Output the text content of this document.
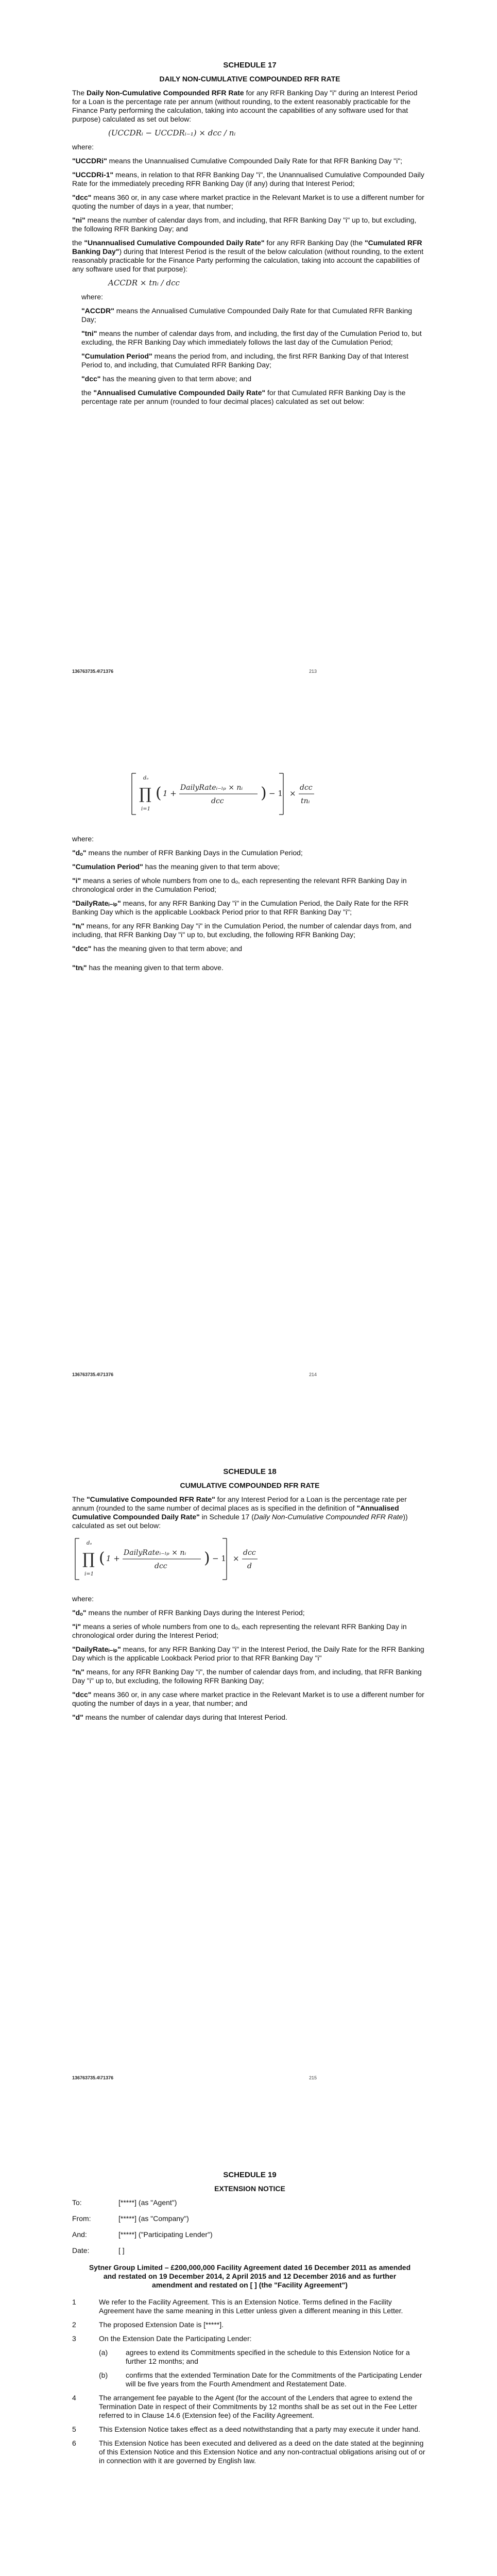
SCHEDULE 17

DAILY NON-CUMULATIVE COMPOUNDED RFR RATE

The Daily Non-Cumulative Compounded RFR Rate for any RFR Banking Day "i" during an Interest Period for a Loan is the percentage rate per annum (without rounding, to the extent reasonably practicable for the Finance Party performing the calculation, taking into account the capabilities of any software used for that purpose) calculated as set out below:

(UCCDRᵢ − UCCDRᵢ₋₁) × dcc / nᵢ

where:

"UCCDRi" means the Unannualised Cumulative Compounded Daily Rate for that RFR Banking Day "i";

"UCCDRi-1" means, in relation to that RFR Banking Day "i", the Unannualised Cumulative Compounded Daily Rate for the immediately preceding RFR Banking Day (if any) during that Interest Period;

"dcc" means 360 or, in any case where market practice in the Relevant Market is to use a different number for quoting the number of days in a year, that number;

"ni" means the number of calendar days from, and including, that RFR Banking Day "i" up to, but excluding, the following RFR Banking Day; and

the "Unannualised Cumulative Compounded Daily Rate" for any RFR Banking Day (the "Cumulated RFR Banking Day") during that Interest Period is the result of the below calculation (without rounding, to the extent reasonably practicable for the Finance Party performing the calculation, taking into account the capabilities of any software used for that purpose):

ACCDR × tnᵢ / dcc

where:

"ACCDR" means the Annualised Cumulative Compounded Daily Rate for that Cumulated RFR Banking Day;

"tni" means the number of calendar days from, and including, the first day of the Cumulation Period to, but excluding, the RFR Banking Day which immediately follows the last day of the Cumulation Period;

"Cumulation Period" means the period from, and including, the first RFR Banking Day of that Interest Period to, and including, that Cumulated RFR Banking Day;

"dcc" has the meaning given to that term above; and

the "Annualised Cumulative Compounded Daily Rate" for that Cumulated RFR Banking Day is the percentage rate per annum (rounded to four decimal places) calculated as set out below:

136763735.4\71376	213
dₒ
∏
i=1
( 1 +
DailyRateᵢ₋ₗₚ × nᵢ
dcc ) − 1 ×
dcc
tnᵢ

where:

"dₒ" means the number of RFR Banking Days in the Cumulation Period;

"Cumulation Period" has the meaning given to that term above;

"i" means a series of whole numbers from one to dₒ, each representing the relevant RFR Banking Day in chronological order in the Cumulation Period;

"DailyRateᵢ₋ₗₚ" means, for any RFR Banking Day "i" in the Cumulation Period, the Daily Rate for the RFR Banking Day which is the applicable Lookback Period prior to that RFR Banking Day "i";

"nᵢ" means, for any RFR Banking Day "i" in the Cumulation Period, the number of calendar days from, and including, that RFR Banking Day "i" up to, but excluding, the following RFR Banking Day;

"dcc" has the meaning given to that term above; and

"tnᵢ" has the meaning given to that term above.

136763735.4\71376	214

SCHEDULE 18

CUMULATIVE COMPOUNDED RFR RATE

The "Cumulative Compounded RFR Rate" for any Interest Period for a Loan is the percentage rate per annum (rounded to the same number of decimal places as is specified in the definition of "Annualised Cumulative Compounded Daily Rate" in Schedule 17 (Daily Non-Cumulative Compounded RFR Rate)) calculated as set out below:

dₒ
∏
i=1
( 1 +
DailyRateᵢ₋ₗₚ × nᵢ
dcc ) − 1 ×
dcc
d

where:

"dₒ" means the number of RFR Banking Days during the Interest Period;

"i" means a series of whole numbers from one to dₒ, each representing the relevant RFR Banking Day in chronological order during the Interest Period;

"DailyRateᵢ₋ₗₚ" means, for any RFR Banking Day "i" in the Interest Period, the Daily Rate for the RFR Banking Day which is the applicable Lookback Period prior to that RFR Banking Day "i"

"nᵢ" means, for any RFR Banking Day "i", the number of calendar days from, and including, that RFR Banking Day "i" up to, but excluding, the following RFR Banking Day;

"dcc" means 360 or, in any case where market practice in the Relevant Market is to use a different number for quoting the number of days in a year, that number; and

"d" means the number of calendar days during that Interest Period.

136763735.4\71376	215

SCHEDULE 19

EXTENSION NOTICE

To:	[*****] (as "Agent")
From:	[*****] (as "Company")
And:	[*****] ("Participating Lender")
Date:	[ ]

Sytner Group Limited – £200,000,000 Facility Agreement dated 16 December 2011 as amended and restated on 19 December 2014, 2 April 2015 and 12 December 2016 and as further amendment and restated on [ ] (the "Facility Agreement")

1	We refer to the Facility Agreement. This is an Extension Notice. Terms defined in the Facility Agreement have the same meaning in this Letter unless given a different meaning in this Letter.
2	The proposed Extension Date is [*****].
3	On the Extension Date the Participating Lender:
(a)	agrees to extend its Commitments specified in the schedule to this Extension Notice for a further 12 months; and
(b)	confirms that the extended Termination Date for the Commitments of the Participating Lender will be five years from the Fourth Amendment and Restatement Date.
4	The arrangement fee payable to the Agent (for the account of the Lenders that agree to extend the Termination Date in respect of their Commitments by 12 months shall be as set out in the Fee Letter referred to in Clause 14.6 (Extension fee) of the Facility Agreement.
5	This Extension Notice takes effect as a deed notwithstanding that a party may execute it under hand.
6	This Extension Notice has been executed and delivered as a deed on the date stated at the beginning of this Extension Notice and this Extension Notice and any non-contractual obligations arising out of or in connection with it are governed by English law.
